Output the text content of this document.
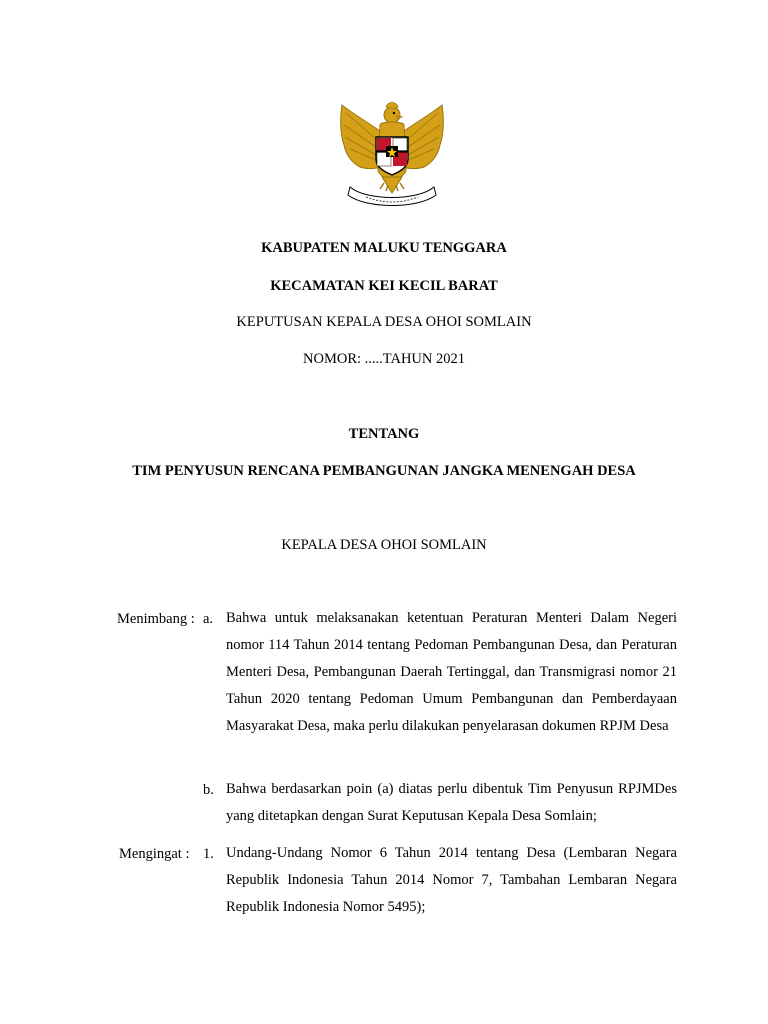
KABUPATEN MALUKU TENGGARA
KECAMATAN KEI KECIL BARAT
KEPUTUSAN KEPALA DESA OHOI SOMLAIN
NOMOR: .....TAHUN 2021
TENTANG
TIM PENYUSUN RENCANA PEMBANGUNAN JANGKA MENENGAH DESA
KEPALA DESA OHOI SOMLAIN
Menimbang : a. Bahwa untuk melaksanakan ketentuan Peraturan Menteri Dalam Negeri nomor 114 Tahun 2014 tentang Pedoman Pembangunan Desa, dan Peraturan Menteri Desa, Pembangunan Daerah Tertinggal, dan Transmigrasi nomor 21 Tahun 2020 tentang Pedoman Umum Pembangunan dan Pemberdayaan Masyarakat Desa, maka perlu dilakukan penyelarasan dokumen RPJM Desa
b. Bahwa berdasarkan poin (a) diatas perlu dibentuk Tim Penyusun RPJMDes yang ditetapkan dengan Surat Keputusan Kepala Desa Somlain;
Mengingat : 1. Undang-Undang Nomor 6 Tahun 2014 tentang Desa (Lembaran Negara Republik Indonesia Tahun 2014 Nomor 7, Tambahan Lembaran Negara Republik Indonesia Nomor 5495);
